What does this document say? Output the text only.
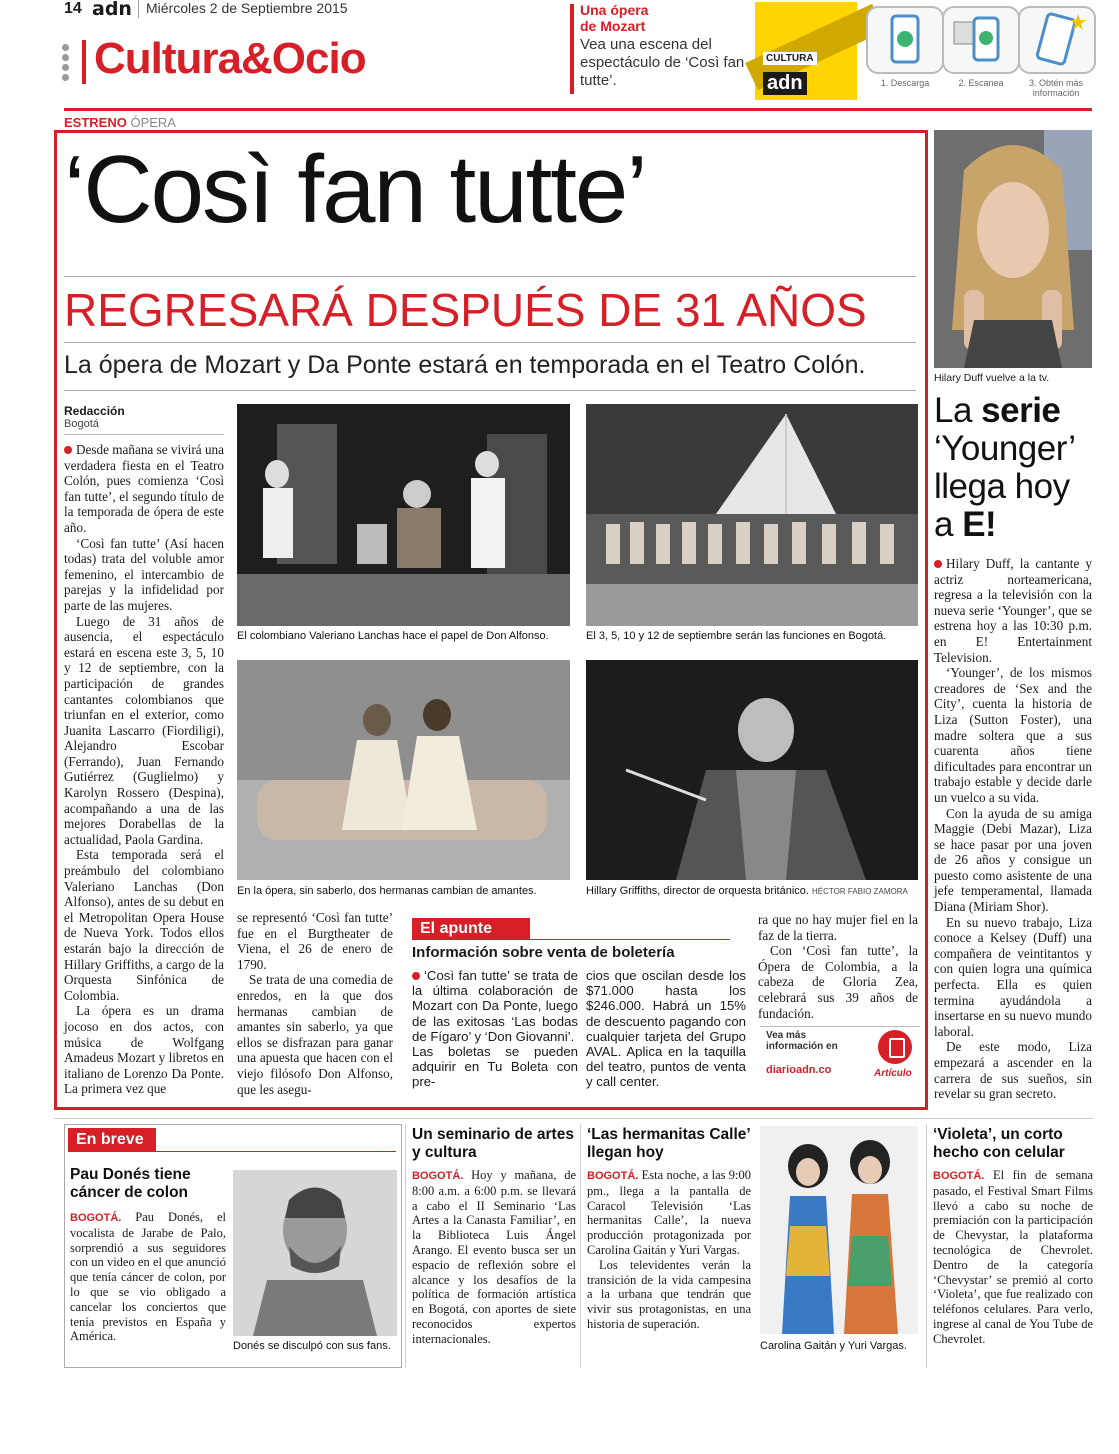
14 adn Miércoles 2 de Septiembre 2015
Cultura&Ocio
Una ópera
de Mozart
Vea una escena del espectáculo de ‘Così fan tutte’.
CULTURA
adn	1. Descarga	2. Escanea	3. Obtén más información
ESTRENO ÓPERA
‘Così fan tutte’
REGRESARÁ DESPUÉS DE 31 AÑOS
La ópera de Mozart y Da Ponte estará en temporada en el Teatro Colón.
Redacción
Bogotá

Desde mañana se vivirá una verdadera fiesta en el Teatro Colón, pues comienza ‘Così fan tutte’, el segundo título de la temporada de ópera de este año.

‘Così fan tutte’ (Así hacen todas) trata del voluble amor femenino, el intercambio de parejas y la infidelidad por parte de las mujeres.

Luego de 31 años de ausencia, el espectáculo estará en escena este 3, 5, 10 y 12 de septiembre, con la participación de grandes cantantes colombianos que triunfan en el exterior, como Juanita Lascarro (Fiordiligi), Alejandro Escobar (Ferrando), Juan Fernando Gutiérrez (Guglielmo) y Karolyn Rossero (Despina), acompañando a una de las mejores Dorabellas de la actualidad, Paola Gardina.

Esta temporada será el preámbulo del colombiano Valeriano Lanchas (Don Alfonso), antes de su debut en el Metropolitan Opera House de Nueva York. Todos ellos estarán bajo la dirección de Hillary Griffiths, a cargo de la Orquesta Sinfónica de Colombia.

La ópera es un drama jocoso en dos actos, con música de Wolfgang Amadeus Mozart y libretos en italiano de Lorenzo Da Ponte. La primera vez que

El colombiano Valeriano Lanchas hace el papel de Don Alfonso.	El 3, 5, 10 y 12 de septiembre serán las funciones en Bogotá.
En la ópera, sin saberlo, dos hermanas cambian de amantes.	Hillary Griffiths, director de orquesta británico. HÉCTOR FABIO ZAMORA

se representó ‘Così fan tutte’ fue en el Burgtheater de Viena, el 26 de enero de 1790.

Se trata de una comedia de enredos, en la que dos hermanas cambian de amantes sin saberlo, ya que ellos se disfrazan para ganar una apuesta que hacen con el viejo filósofo Don Alfonso, que les asegu-

El apunte
Información sobre venta de boletería

‘Così fan tutte’ se trata de la última colaboración de Mozart con Da Ponte, luego de las exitosas ‘Las bodas de Fígaro’ y ‘Don Giovanni’.

Las boletas se pueden adquirir en Tu Boleta con pre-

cios que oscilan desde los $71.000 hasta los $246.000. Habrá un 15% de descuento pagando con cualquier tarjeta del Grupo AVAL. Aplica en la taquilla del teatro, puntos de venta y call center.

ra que no hay mujer fiel en la faz de la tierra.

Con ‘Così fan tutte’, la Ópera de Colombia, a la cabeza de Gloria Zea, celebrará sus 39 años de fundación.

Vea más información en
diarioadn.co	Artículo
Hilary Duff vuelve a la tv.
La serie ‘Younger’ llega hoy a E!

Hilary Duff, la cantante y actriz norteamericana, regresa a la televisión con la nueva serie ‘Younger’, que se estrena hoy a las 10:30 p.m. en E! Entertainment Television.

‘Younger’, de los mismos creadores de ‘Sex and the City’, cuenta la historia de Liza (Sutton Foster), una madre soltera que a sus cuarenta años tiene dificultades para encontrar un trabajo estable y decide darle un vuelco a su vida.

Con la ayuda de su amiga Maggie (Debi Mazar), Liza se hace pasar por una joven de 26 años y consigue un puesto como asistente de una jefe temperamental, llamada Diana (Miriam Shor).

En su nuevo trabajo, Liza conoce a Kelsey (Duff) una compañera de veintitantos y con quien logra una química perfecta. Ella es quien termina ayudándola a insertarse en su nuevo mundo laboral.

De este modo, Liza empezará a ascender en la carrera de sus sueños, sin revelar su gran secreto.

En breve
Pau Donés tiene cáncer de colon
BOGOTÁ. Pau Donés, el vocalista de Jarabe de Palo, sorprendió a sus seguidores con un video en el que anunció que tenía cáncer de colon, por lo que se vio obligado a cancelar los conciertos que tenía previstos en España y América.
Donés se disculpó con sus fans.
Un seminario de artes y cultura
BOGOTÁ. Hoy y mañana, de 8:00 a.m. a 6:00 p.m. se llevará a cabo el II Seminario ‘Las Artes a la Canasta Familiar’, en la Biblioteca Luis Ángel Arango. El evento busca ser un espacio de reflexión sobre el alcance y los desafíos de la política de formación artística en Bogotá, con aportes de siete reconocidos expertos internacionales.
‘Las hermanitas Calle’ llegan hoy
BOGOTÁ. Esta noche, a las 9:00 pm., llega a la pantalla de Caracol Televisión ‘Las hermanitas Calle’, la nueva producción protagonizada por Carolina Gaitán y Yuri Vargas.
Los televidentes verán la transición de la vida campesina a la urbana que tendrán que vivir sus protagonistas, en una historia de superación.
Carolina Gaitán y Yuri Vargas.
‘Violeta’, un corto hecho con celular
BOGOTÁ. El fin de semana pasado, el Festival Smart Films llevó a cabo su noche de premiación con la participación de Chevystar, la plataforma tecnológica de Chevrolet. Dentro de la categoría ‘Chevystar’ se premió al corto ‘Violeta’, que fue realizado con teléfonos celulares. Para verlo, ingrese al canal de You Tube de Chevrolet.
